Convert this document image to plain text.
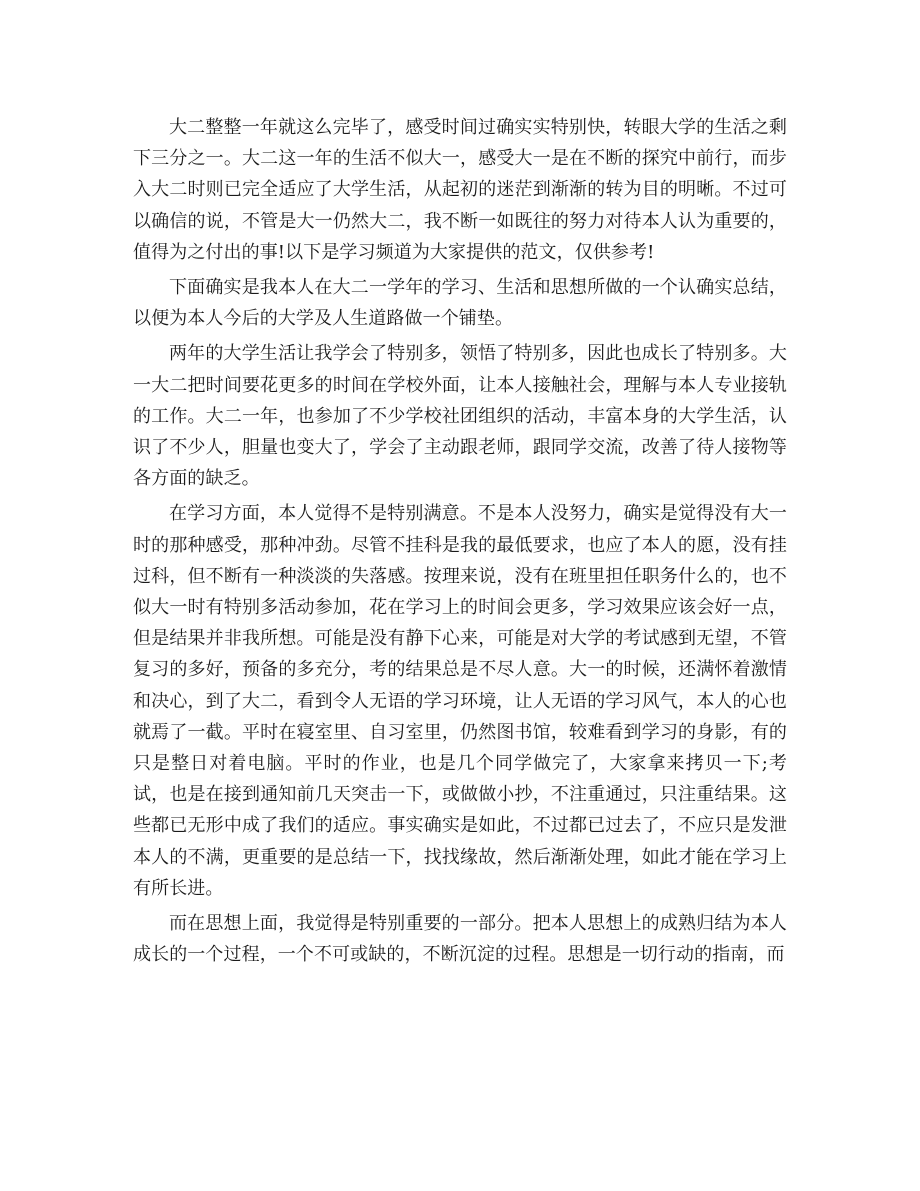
大二整整一年就这么完毕了，感受时间过确实实特别快，转眼大学的生活之剩下三分之一。大二这一年的生活不似大一，感受大一是在不断的探究中前行，而步入大二时则已完全适应了大学生活，从起初的迷茫到渐渐的转为目的明晰。不过可以确信的说，不管是大一仍然大二，我不断一如既往的努力对待本人认为重要的，值得为之付出的事!以下是学习频道为大家提供的范文，仅供参考!

下面确实是我本人在大二一学年的学习、生活和思想所做的一个认确实总结，以便为本人今后的大学及人生道路做一个铺垫。

两年的大学生活让我学会了特别多，领悟了特别多，因此也成长了特别多。大一大二把时间要花更多的时间在学校外面，让本人接触社会，理解与本人专业接轨的工作。大二一年，也参加了不少学校社团组织的活动，丰富本身的大学生活，认识了不少人，胆量也变大了，学会了主动跟老师，跟同学交流，改善了待人接物等各方面的缺乏。

在学习方面，本人觉得不是特别满意。不是本人没努力，确实是觉得没有大一时的那种感受，那种冲劲。尽管不挂科是我的最低要求，也应了本人的愿，没有挂过科，但不断有一种淡淡的失落感。按理来说，没有在班里担任职务什么的，也不似大一时有特别多活动参加，花在学习上的时间会更多，学习效果应该会好一点，但是结果并非我所想。可能是没有静下心来，可能是对大学的考试感到无望，不管复习的多好，预备的多充分，考的结果总是不尽人意。大一的时候，还满怀着激情和决心，到了大二，看到令人无语的学习环境，让人无语的学习风气，本人的心也就焉了一截。平时在寝室里、自习室里，仍然图书馆，较难看到学习的身影，有的只是整日对着电脑。平时的作业，也是几个同学做完了，大家拿来拷贝一下;考试，也是在接到通知前几天突击一下，或做做小抄，不注重通过，只注重结果。这些都已无形中成了我们的适应。事实确实是如此，不过都已过去了，不应只是发泄本人的不满，更重要的是总结一下，找找缘故，然后渐渐处理，如此才能在学习上有所长进。

而在思想上面，我觉得是特别重要的一部分。把本人思想上的成熟归结为本人成长的一个过程，一个不可或缺的，不断沉淀的过程。思想是一切行动的指南，而
